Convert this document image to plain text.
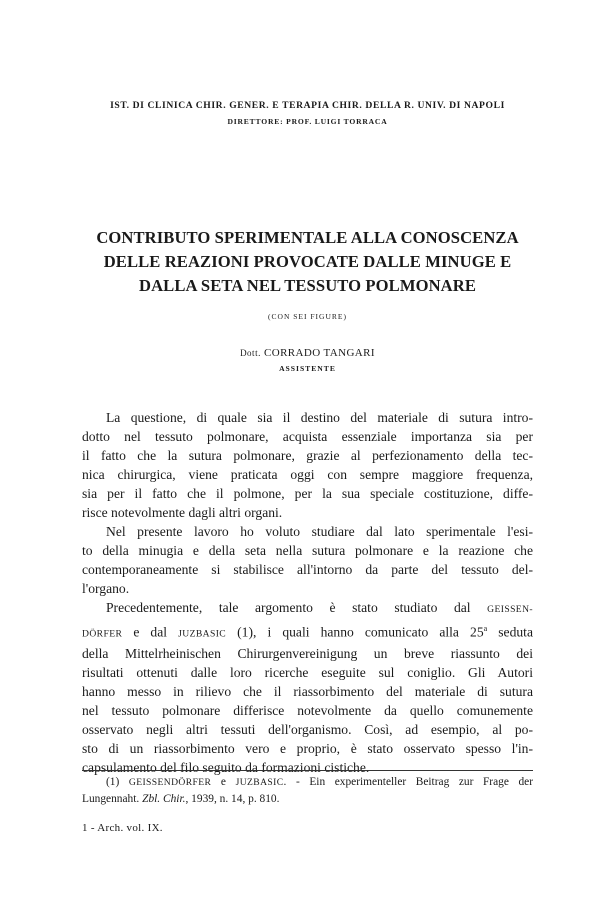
IST. DI CLINICA CHIR. GENER. E TERAPIA CHIR. DELLA R. UNIV. DI NAPOLI
DIRETTORE: PROF. LUIGI TORRACA
CONTRIBUTO SPERIMENTALE ALLA CONOSCENZA
DELLE REAZIONI PROVOCATE DALLE MINUGE E
DALLA SETA NEL TESSUTO POLMONARE
(CON SEI FIGURE)
Dott. CORRADO TANGARI
ASSISTENTE
La questione, di quale sia il destino del materiale di sutura intro-
dotto nel tessuto polmonare, acquista essenziale importanza sia per
il fatto che la sutura polmonare, grazie al perfezionamento della tec-
nica chirurgica, viene praticata oggi con sempre maggiore frequenza,
sia per il fatto che il polmone, per la sua speciale costituzione, diffe-
risce notevolmente dagli altri organi.
Nel presente lavoro ho voluto studiare dal lato sperimentale l'esi-
to della minugia e della seta nella sutura polmonare e la reazione che
contemporaneamente si stabilisce all'intorno da parte del tessuto del-
l'organo.
Precedentemente, tale argomento è stato studiato dal GEISSEN-
DÖRFER e dal JUZBASIC (1), i quali hanno comunicato alla 25$^a$ seduta
della Mittelrheinischen Chirurgenvereinigung un breve riassunto dei
risultati ottenuti dalle loro ricerche eseguite sul coniglio. Gli Autori
hanno messo in rilievo che il riassorbimento del materiale di sutura
nel tessuto polmonare differisce notevolmente da quello comunemente
osservato negli altri tessuti dell'organismo. Così, ad esempio, al po-
sto di un riassorbimento vero e proprio, è stato osservato spesso l'in-
capsulamento del filo seguito da formazioni cistiche.
(1) GEISSENDÖRFER e JUZBASIC. - Ein experimenteller Beitrag zur Frage der
Lungennaht. Zbl. Chir., 1939, n. 14, p. 810.
1 - Arch. vol. IX.
